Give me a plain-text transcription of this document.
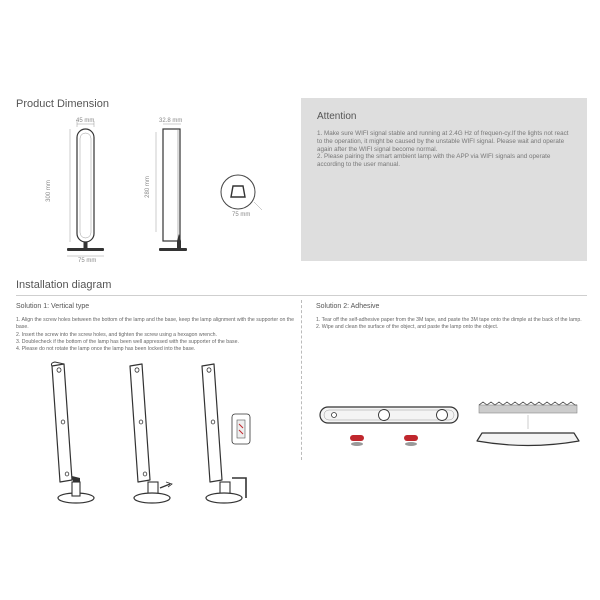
Product Dimension
45 mm
300 mm
75 mm
32.8 mm
280 mm
75 mm
Attention

1. Make sure WIFI signal stable and running at 2.4G Hz of frequen-cy.If the lights not react to the operation, it might be caused by the unstable WIFI signal. Please wait and operate again after the WIFI signal become normal.

2. Please pairing the smart ambient lamp with the APP via WIFI signals and operate according to the user manual.

Installation diagram
Solution 1: Vertical type

1. Align the screw holes between the bottom of the lamp and the base, keep the lamp alignment with the supporter on the base.

2. Insert the screw into the screw holes, and tighten the screw using a hexagon wrench.

3. Doublecheck if the bottom of the lamp has been well appressed with the supporter of the base.

4. Please do not rotate the lamp once the lamp has been locked into the base.

Solution 2: Adhesive

1. Tear off the self-adhesive paper from the 3M tape, and paste the 3M tape onto the dimple at the back of the lamp.

2. Wipe and clean the surface of the object, and paste the lamp onto the object.
